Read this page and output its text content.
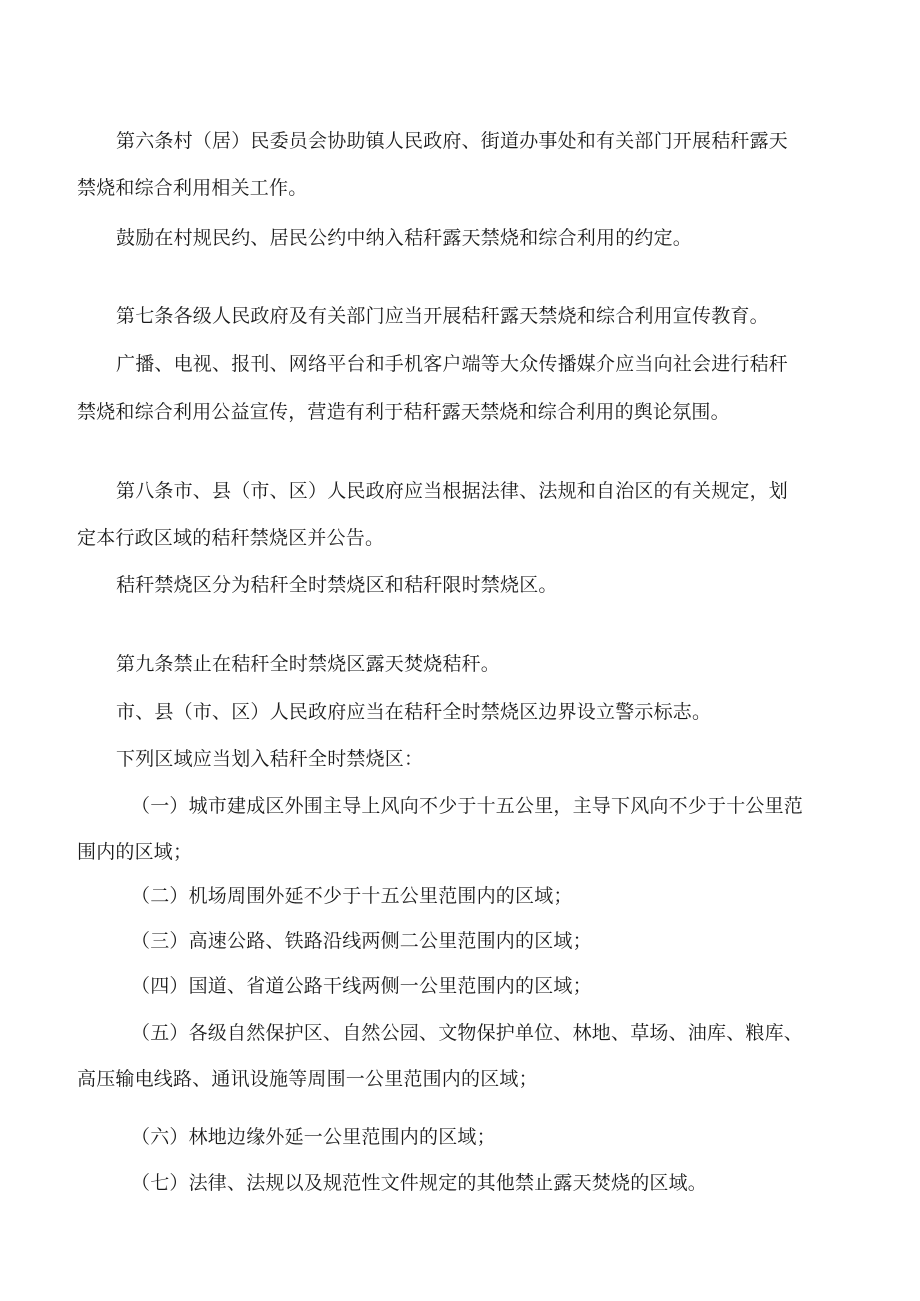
第六条村（居）民委员会协助镇人民政府、街道办事处和有关部门开展秸秆露天
禁烧和综合利用相关工作。
鼓励在村规民约、居民公约中纳入秸秆露天禁烧和综合利用的约定。
第七条各级人民政府及有关部门应当开展秸秆露天禁烧和综合利用宣传教育。
广播、电视、报刊、网络平台和手机客户端等大众传播媒介应当向社会进行秸秆
禁烧和综合利用公益宣传，营造有利于秸秆露天禁烧和综合利用的舆论氛围。
第八条市、县（市、区）人民政府应当根据法律、法规和自治区的有关规定，划
定本行政区域的秸秆禁烧区并公告。
秸秆禁烧区分为秸秆全时禁烧区和秸秆限时禁烧区。
第九条禁止在秸秆全时禁烧区露天焚烧秸秆。
市、县（市、区）人民政府应当在秸秆全时禁烧区边界设立警示标志。
下列区域应当划入秸秆全时禁烧区：
（一）城市建成区外围主导上风向不少于十五公里，主导下风向不少于十公里范
围内的区域；
（二）机场周围外延不少于十五公里范围内的区域；
（三）高速公路、铁路沿线两侧二公里范围内的区域；
（四）国道、省道公路干线两侧一公里范围内的区域；
（五）各级自然保护区、自然公园、文物保护单位、林地、草场、油库、粮库、
高压输电线路、通讯设施等周围一公里范围内的区域；
（六）林地边缘外延一公里范围内的区域；
（七）法律、法规以及规范性文件规定的其他禁止露天焚烧的区域。
